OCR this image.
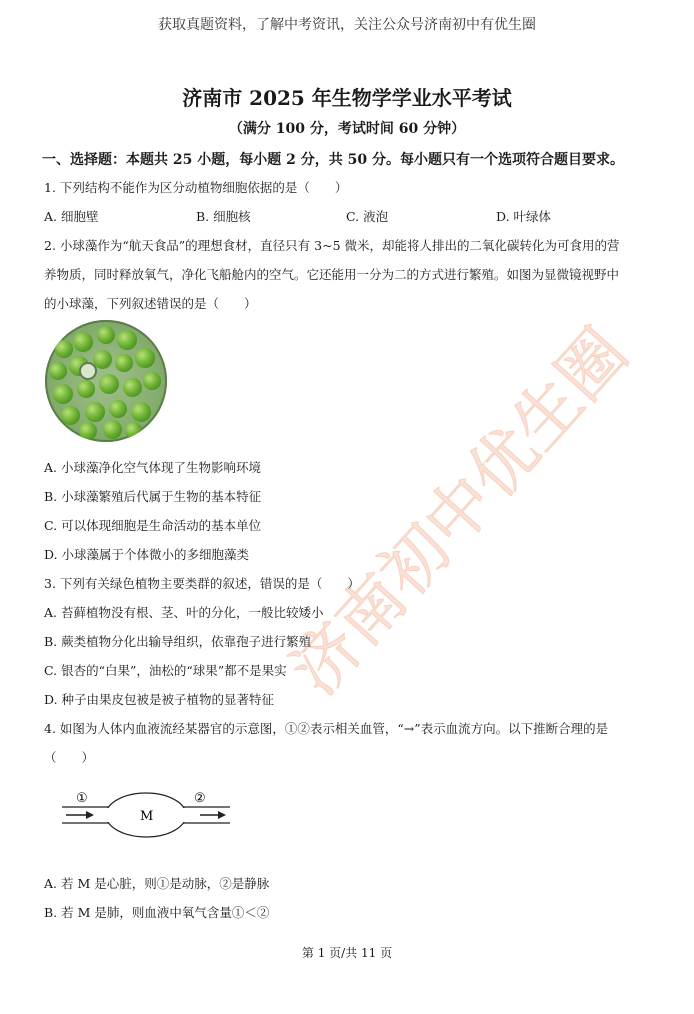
济南初中优生圈
获取真题资料，了解中考资讯，关注公众号济南初中有优生圈
济南市 2025 年生物学学业水平考试
（满分 100 分，考试时间 60 分钟）
一、选择题：本题共 25 小题，每小题 2 分，共 50 分。每小题只有一个选项符合题目要求。
1. 下列结构不能作为区分动植物细胞依据的是（　　）
A. 细胞壁	B. 细胞核	C. 液泡	D. 叶绿体
2. 小球藻作为“航天食品”的理想食材，直径只有 3~5 微米，却能将人排出的二氧化碳转化为可食用的营
养物质，同时释放氧气，净化飞船舱内的空气。它还能用一分为二的方式进行繁殖。如图为显微镜视野中
的小球藻，下列叙述错误的是（　　）
A. 小球藻净化空气体现了生物影响环境
B. 小球藻繁殖后代属于生物的基本特征
C. 可以体现细胞是生命活动的基本单位
D. 小球藻属于个体微小的多细胞藻类
3. 下列有关绿色植物主要类群的叙述，错误的是（　　）
A. 苔藓植物没有根、茎、叶的分化，一般比较矮小
B. 蕨类植物分化出输导组织，依靠孢子进行繁殖
C. 银杏的“白果”，油松的“球果”都不是果实
D. 种子由果皮包被是被子植物的显著特征
4. 如图为人体内血液流经某器官的示意图，①②表示相关血管，“→”表示血流方向。以下推断合理的是
（　　）
①	②
M
A. 若 M 是心脏，则①是动脉，②是静脉
B. 若 M 是肺，则血液中氧气含量①＜②
第 1 页/共 11 页
